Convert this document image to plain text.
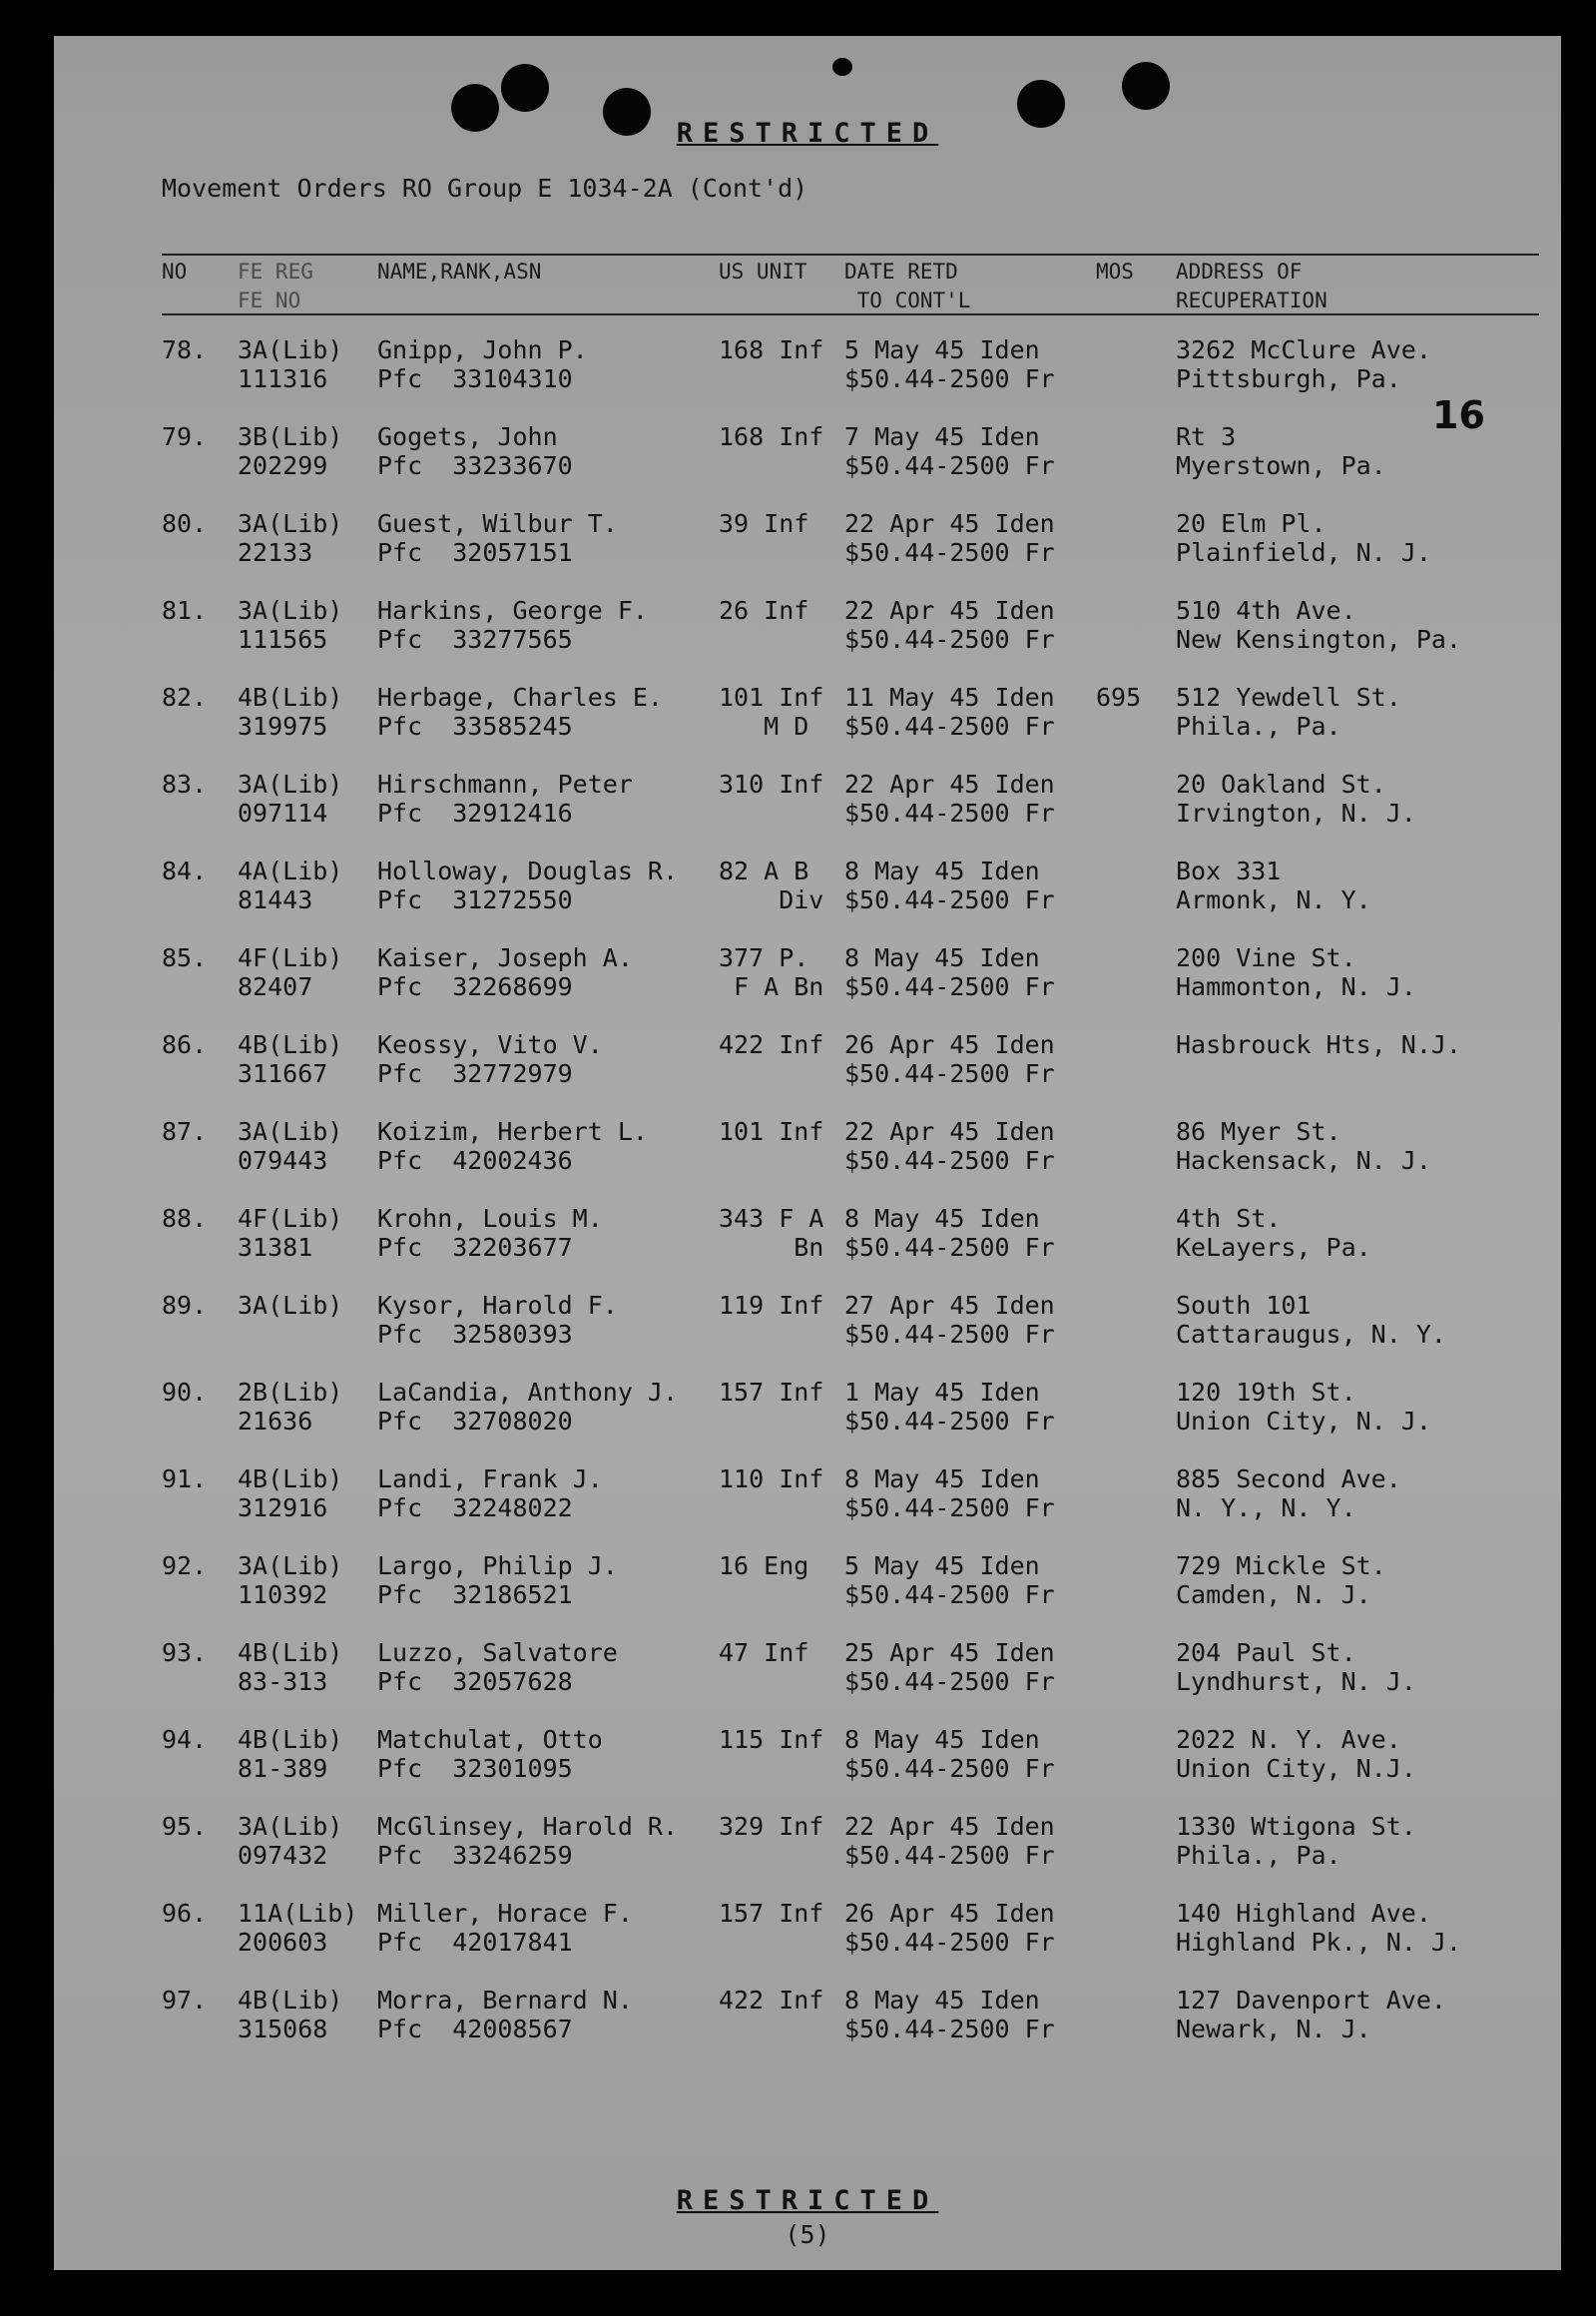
RESTRICTED
Movement Orders RO Group E 1034-2A (Cont'd)
NO FE REG
FE NO
NAME,RANK,ASN	US UNIT DATE RETD
TO CONT'L
MOS ADDRESS OF
RECUPERATION
16
78. 3A(Lib)
111316
Gnipp, John P.
Pfc  33104310
168 Inf 5 May 45 Iden
$50.44-2500 Fr
3262 McClure Ave.
Pittsburgh, Pa.
79. 3B(Lib)
202299
Gogets, John
Pfc  33233670
168 Inf 7 May 45 Iden
$50.44-2500 Fr
Rt 3
Myerstown, Pa.
80. 3A(Lib)
22133
Guest, Wilbur T.
Pfc  32057151
39 Inf 22 Apr 45 Iden
$50.44-2500 Fr
20 Elm Pl.
Plainfield, N. J.
81. 3A(Lib)
111565
Harkins, George F.
Pfc  33277565
26 Inf 22 Apr 45 Iden
$50.44-2500 Fr
510 4th Ave.
New Kensington, Pa.
82. 4B(Lib)
319975
Herbage, Charles E.
Pfc  33585245
101 Inf
M D
11 May 45 Iden
$50.44-2500 Fr
695 512 Yewdell St.
Phila., Pa.
83. 3A(Lib)
097114
Hirschmann, Peter
Pfc  32912416
310 Inf 22 Apr 45 Iden
$50.44-2500 Fr
20 Oakland St.
Irvington, N. J.
84. 4A(Lib)
81443
Holloway, Douglas R.
Pfc  31272550
82 A B
Div
8 May 45 Iden
$50.44-2500 Fr
Box 331
Armonk, N. Y.
85. 4F(Lib)
82407
Kaiser, Joseph A.
Pfc  32268699
377 P.
F A Bn
8 May 45 Iden
$50.44-2500 Fr
200 Vine St.
Hammonton, N. J.
86. 4B(Lib)
311667
Keossy, Vito V.
Pfc  32772979
422 Inf 26 Apr 45 Iden
$50.44-2500 Fr
Hasbrouck Hts, N.J.

87. 3A(Lib)
079443
Koizim, Herbert L.
Pfc  42002436
101 Inf 22 Apr 45 Iden
$50.44-2500 Fr
86 Myer St.
Hackensack, N. J.
88. 4F(Lib)
31381
Krohn, Louis M.
Pfc  32203677
343 F A
Bn
8 May 45 Iden
$50.44-2500 Fr
4th St.
KeLayers, Pa.
89. 3A(Lib) Kysor, Harold F.
Pfc  32580393
119 Inf 27 Apr 45 Iden
$50.44-2500 Fr
South 101
Cattaraugus, N. Y.
90. 2B(Lib)
21636
LaCandia, Anthony J.
Pfc  32708020
157 Inf 1 May 45 Iden
$50.44-2500 Fr
120 19th St.
Union City, N. J.
91. 4B(Lib)
312916
Landi, Frank J.
Pfc  32248022
110 Inf 8 May 45 Iden
$50.44-2500 Fr
885 Second Ave.
N. Y., N. Y.
92. 3A(Lib)
110392
Largo, Philip J.
Pfc  32186521
16 Eng 5 May 45 Iden
$50.44-2500 Fr
729 Mickle St.
Camden, N. J.
93. 4B(Lib)
83-313
Luzzo, Salvatore
Pfc  32057628
47 Inf 25 Apr 45 Iden
$50.44-2500 Fr
204 Paul St.
Lyndhurst, N. J.
94. 4B(Lib)
81-389
Matchulat, Otto
Pfc  32301095
115 Inf 8 May 45 Iden
$50.44-2500 Fr
2022 N. Y. Ave.
Union City, N.J.
95. 3A(Lib)
097432
McGlinsey, Harold R.
Pfc  33246259
329 Inf 22 Apr 45 Iden
$50.44-2500 Fr
1330 Wtigona St.
Phila., Pa.
96. 11A(Lib)
200603
Miller, Horace F.
Pfc  42017841
157 Inf 26 Apr 45 Iden
$50.44-2500 Fr
140 Highland Ave.
Highland Pk., N. J.
97. 4B(Lib)
315068
Morra, Bernard N.
Pfc  42008567
422 Inf 8 May 45 Iden
$50.44-2500 Fr
127 Davenport Ave.
Newark, N. J.
RESTRICTED
(5)
